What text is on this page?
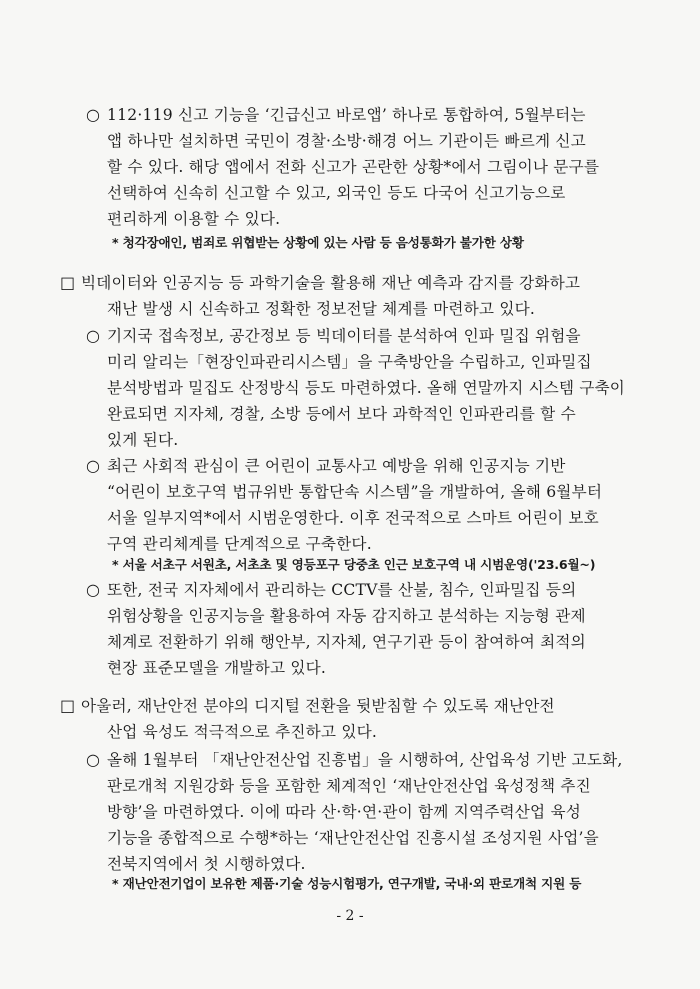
○ 112·119 신고 기능을 ‘긴급신고 바로앱’ 하나로 통합하여, 5월부터는
앱 하나만 설치하면 국민이 경찰·소방·해경 어느 기관이든 빠르게 신고
할 수 있다. 해당 앱에서 전화 신고가 곤란한 상황*에서 그림이나 문구를
선택하여 신속히 신고할 수 있고, 외국인 등도 다국어 신고기능으로
편리하게 이용할 수 있다.
* 청각장애인, 범죄로 위협받는 상황에 있는 사람 등 음성통화가 불가한 상황
□ 빅데이터와 인공지능 등 과학기술을 활용해 재난 예측과 감지를 강화하고
재난 발생 시 신속하고 정확한 정보전달 체계를 마련하고 있다.
○ 기지국 접속정보, 공간정보 등 빅데이터를 분석하여 인파 밀집 위험을
미리 알리는「현장인파관리시스템」을 구축방안을 수립하고, 인파밀집
분석방법과 밀집도 산정방식 등도 마련하였다. 올해 연말까지 시스템 구축이
완료되면 지자체, 경찰, 소방 등에서 보다 과학적인 인파관리를 할 수
있게 된다.
○ 최근 사회적 관심이 큰 어린이 교통사고 예방을 위해 인공지능 기반
“어린이 보호구역 법규위반 통합단속 시스템”을 개발하여, 올해 6월부터
서울 일부지역*에서 시범운영한다. 이후 전국적으로 스마트 어린이 보호
구역 관리체계를 단계적으로 구축한다.
* 서울 서초구 서원초, 서초초 및 영등포구 당중초 인근 보호구역 내 시범운영('23.6월~)
○ 또한, 전국 지자체에서 관리하는 CCTV를 산불, 침수, 인파밀집 등의
위험상황을 인공지능을 활용하여 자동 감지하고 분석하는 지능형 관제
체계로 전환하기 위해 행안부, 지자체, 연구기관 등이 참여하여 최적의
현장 표준모델을 개발하고 있다.
□ 아울러, 재난안전 분야의 디지털 전환을 뒷받침할 수 있도록 재난안전
산업 육성도 적극적으로 추진하고 있다.
○ 올해 1월부터 「재난안전산업 진흥법」을 시행하여, 산업육성 기반 고도화,
판로개척 지원강화 등을 포함한 체계적인 ‘재난안전산업 육성정책 추진
방향’을 마련하였다. 이에 따라 산·학·연·관이 함께 지역주력산업 육성
기능을 종합적으로 수행*하는 ‘재난안전산업 진흥시설 조성지원 사업’을
전북지역에서 첫 시행하였다.
* 재난안전기업이 보유한 제품·기술 성능시험평가, 연구개발, 국내·외 판로개척 지원 등
- 2 -
